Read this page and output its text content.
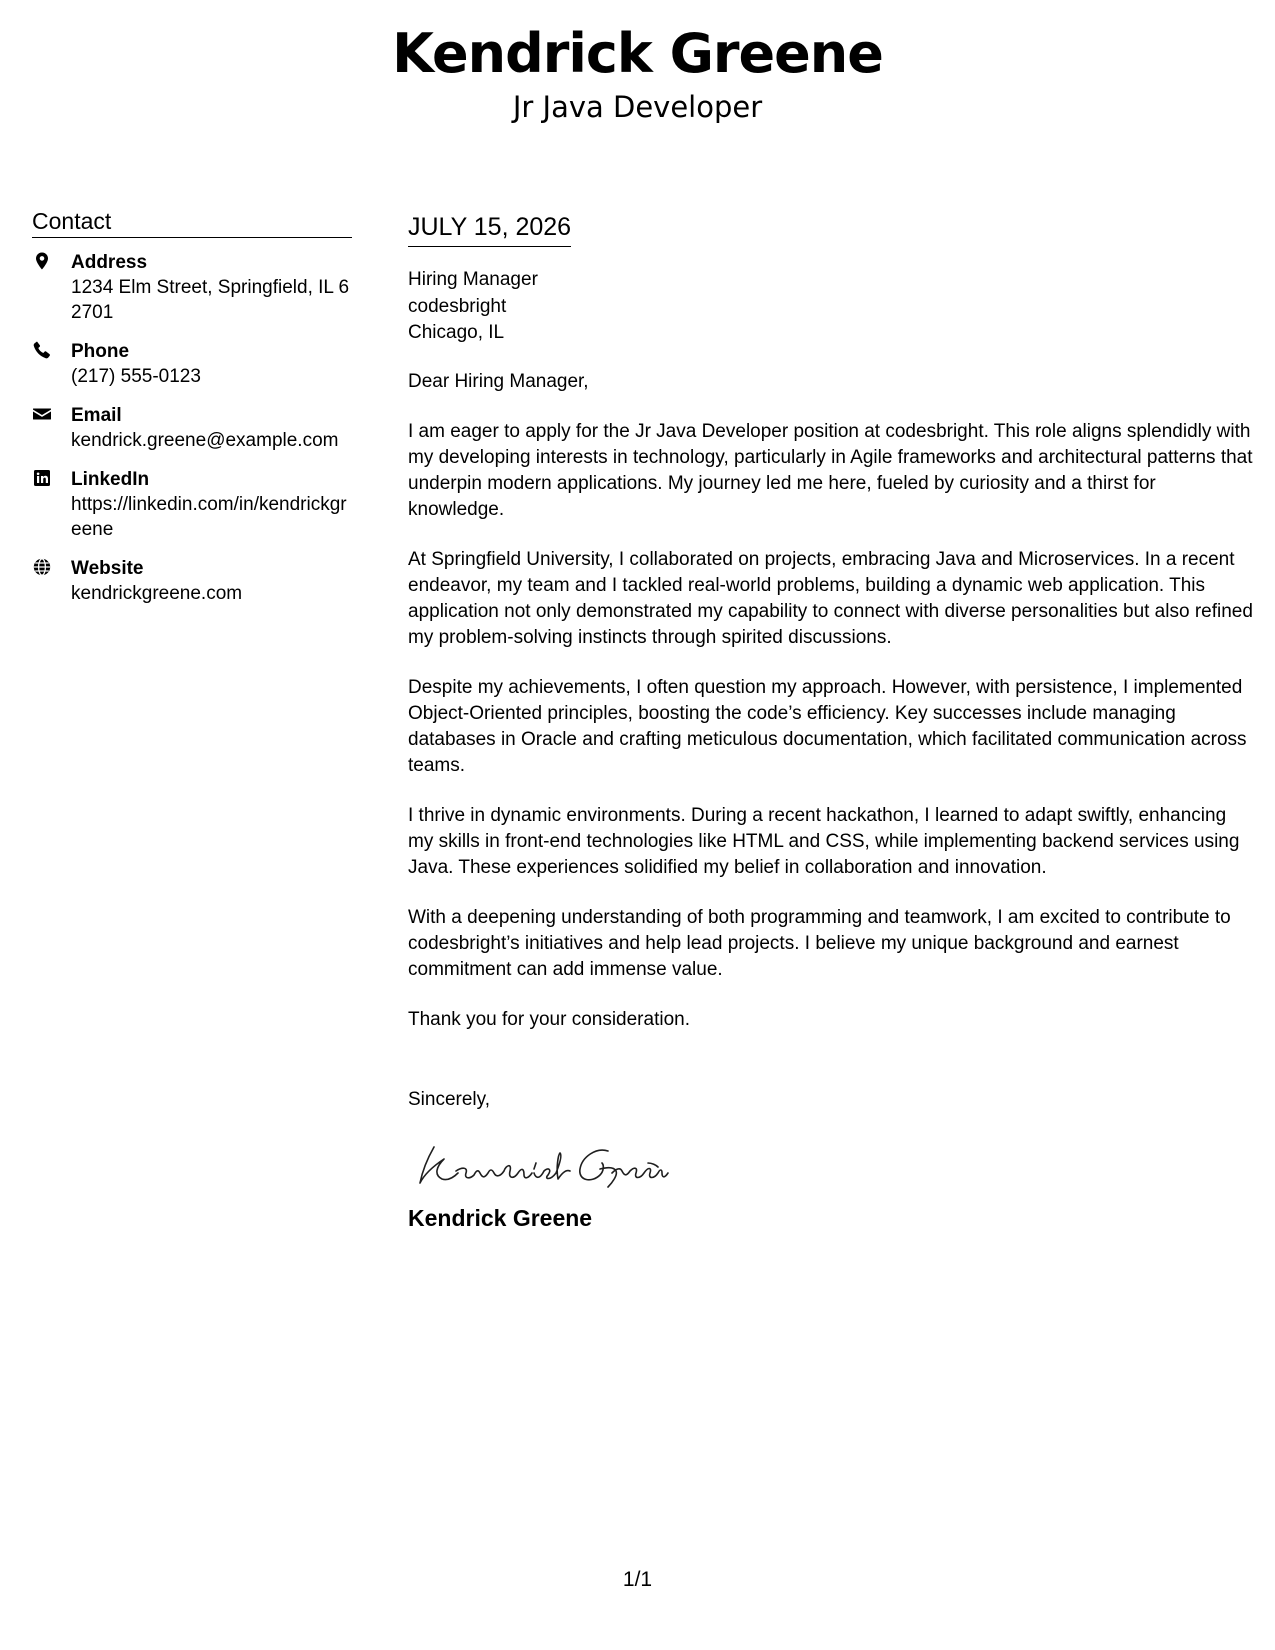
Kendrick Greene
Jr Java Developer
Contact
Address
1234 Elm Street, Springfield, IL 62701
Phone
(217) 555-0123
Email
kendrick.greene@example.com
LinkedIn
https://linkedin.com/in/kendrickgreene
Website
kendrickgreene.com
JULY 15, 2026
Hiring Manager
codesbright
Chicago, IL
Dear Hiring Manager,
I am eager to apply for the Jr Java Developer position at codesbright. This role aligns splendidly with my developing interests in technology, particularly in Agile frameworks and architectural patterns that underpin modern applications. My journey led me here, fueled by curiosity and a thirst for knowledge.
At Springfield University, I collaborated on projects, embracing Java and Microservices. In a recent endeavor, my team and I tackled real-world problems, building a dynamic web application. This application not only demonstrated my capability to connect with diverse personalities but also refined my problem-solving instincts through spirited discussions.
Despite my achievements, I often question my approach. However, with persistence, I implemented Object-Oriented principles, boosting the code’s efficiency. Key successes include managing databases in Oracle and crafting meticulous documentation, which facilitated communication across teams.
I thrive in dynamic environments. During a recent hackathon, I learned to adapt swiftly, enhancing my skills in front-end technologies like HTML and CSS, while implementing backend services using Java. These experiences solidified my belief in collaboration and innovation.
With a deepening understanding of both programming and teamwork, I am excited to contribute to codesbright’s initiatives and help lead projects. I believe my unique background and earnest commitment can add immense value.
Thank you for your consideration.
Sincerely,
Kendrick Greene
1/1
